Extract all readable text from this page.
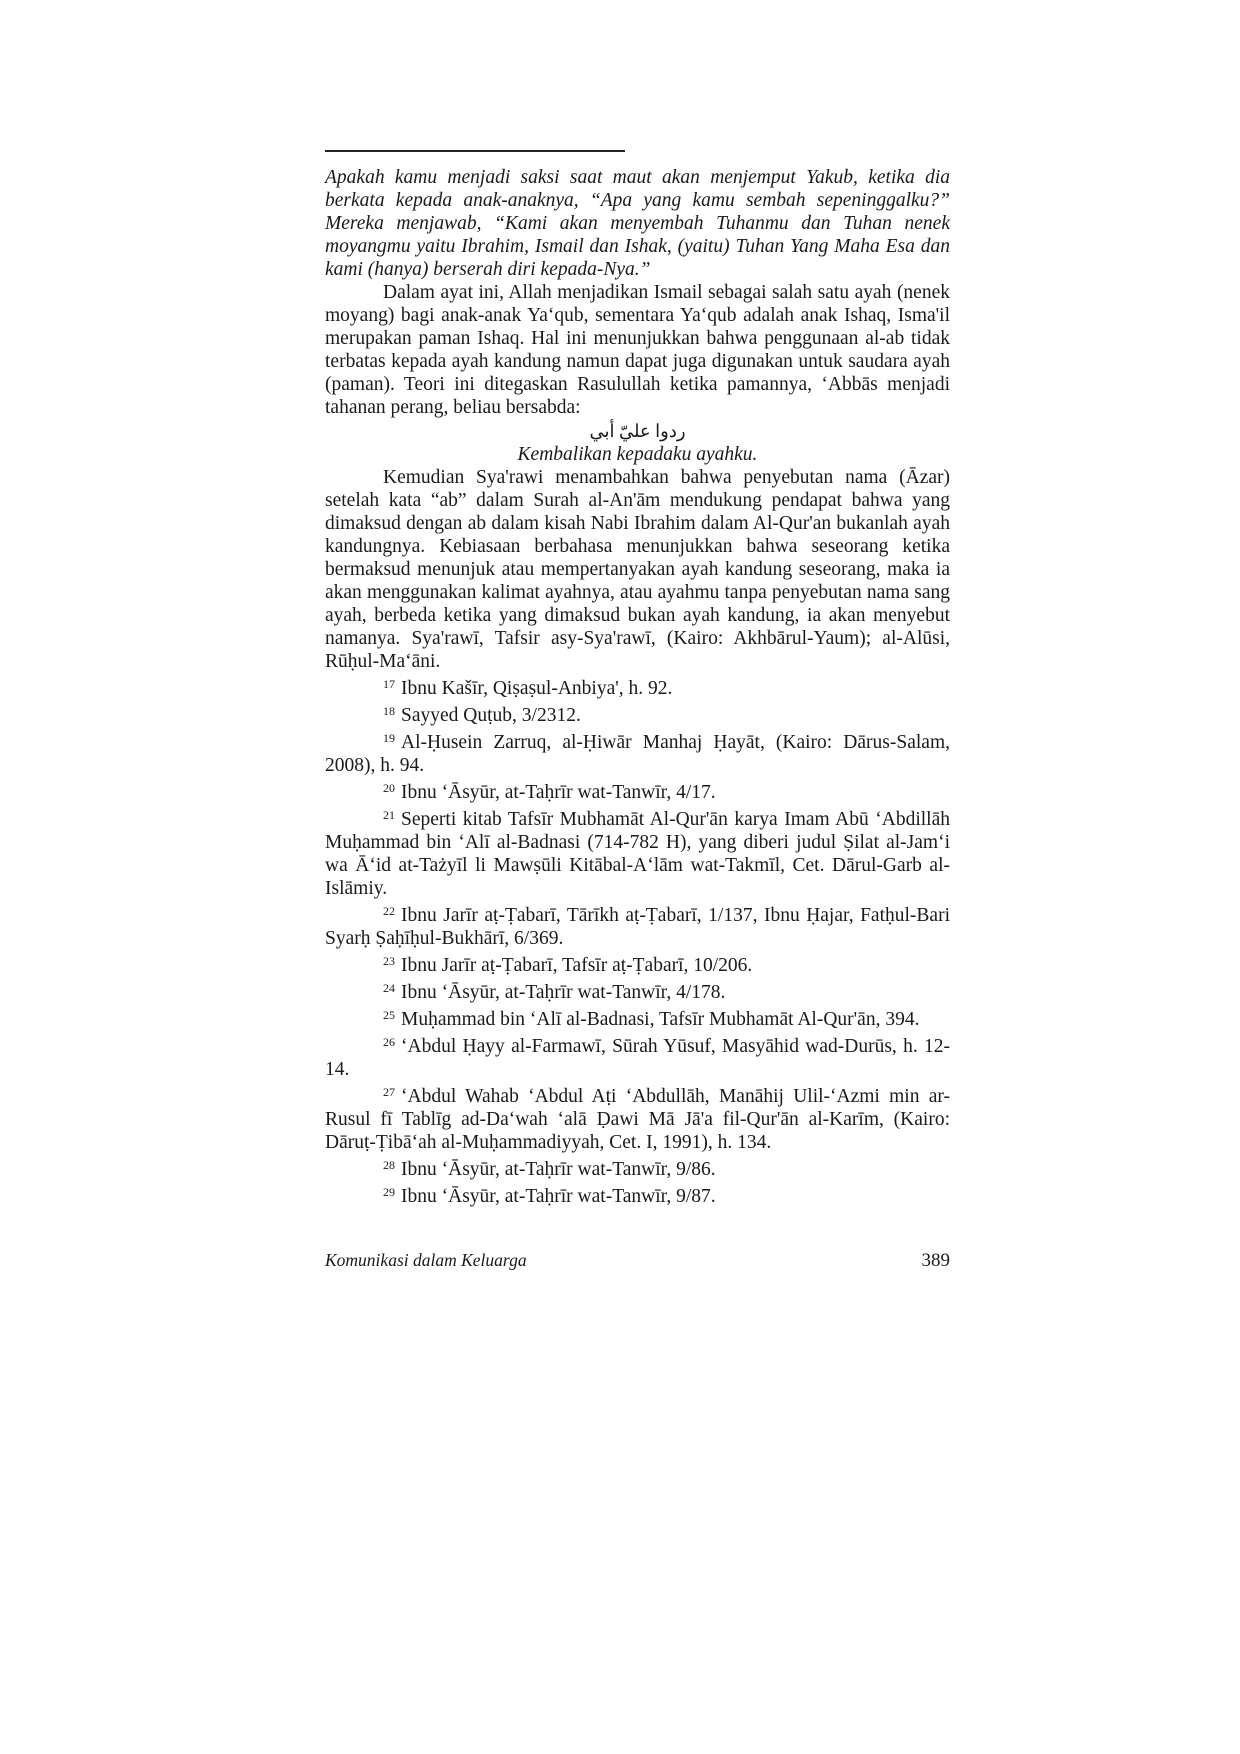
Apakah kamu menjadi saksi saat maut akan menjemput Yakub, ketika dia berkata kepada anak-anaknya, “Apa yang kamu sembah sepeninggalku?” Mereka menjawab, “Kami akan menyembah Tuhanmu dan Tuhan nenek moyangmu yaitu Ibrahim, Ismail dan Ishak, (yaitu) Tuhan Yang Maha Esa dan kami (hanya) berserah diri kepada-Nya.”

Dalam ayat ini, Allah menjadikan Ismail sebagai salah satu ayah (nenek moyang) bagi anak-anak Ya‘qub, sementara Ya‘qub adalah anak Ishaq, Isma'il merupakan paman Ishaq. Hal ini menunjukkan bahwa penggunaan al-ab tidak terbatas kepada ayah kandung namun dapat juga digunakan untuk saudara ayah (paman). Teori ini ditegaskan Rasulullah ketika pamannya, ‘Abbās menjadi tahanan perang, beliau bersabda:

ردوا عليّ أبي

Kembalikan kepadaku ayahku.

Kemudian Sya'rawi menambahkan bahwa penyebutan nama (Āzar) setelah kata “ab” dalam Surah al-An'ām mendukung pendapat bahwa yang dimaksud dengan ab dalam kisah Nabi Ibrahim dalam Al-Qur'an bukanlah ayah kandungnya. Kebiasaan berbahasa menunjukkan bahwa seseorang ketika bermaksud menunjuk atau mempertanyakan ayah kandung seseorang, maka ia akan menggunakan kalimat ayahnya, atau ayahmu tanpa penyebutan nama sang ayah, berbeda ketika yang dimaksud bukan ayah kandung, ia akan menyebut namanya. Sya'rawī, Tafsir asy-Sya'rawī, (Kairo: Akhbārul-Yaum); al-Alūsi, Rūḥul-Ma‘āni.

$^{17}$ Ibnu Kašīr, Qiṣaṣul-Anbiya', h. 92.

$^{18}$ Sayyed Quṭub, 3/2312.

$^{19}$ Al-Ḥusein Zarruq, al-Ḥiwār Manhaj Ḥayāt, (Kairo: Dārus-Salam, 2008), h. 94.

$^{20}$ Ibnu ‘Āsyūr, at-Taḥrīr wat-Tanwīr, 4/17.

$^{21}$ Seperti kitab Tafsīr Mubhamāt Al-Qur'ān karya Imam Abū ‘Abdillāh Muḥammad bin ‘Alī al-Badnasi (714-782 H), yang diberi judul Ṣilat al-Jam‘i wa Ā‘id at-Tażyīl li Mawṣūli Kitābal-A‘lām wat-Takmīl, Cet. Dārul-Garb al-Islāmiy.

$^{22}$ Ibnu Jarīr aṭ-Ṭabarī, Tārīkh aṭ-Ṭabarī, 1/137, Ibnu Ḥajar, Fatḥul-Bari Syarḥ Ṣaḥīḥul-Bukhārī, 6/369.

$^{23}$ Ibnu Jarīr aṭ-Ṭabarī, Tafsīr aṭ-Ṭabarī, 10/206.

$^{24}$ Ibnu ‘Āsyūr, at-Taḥrīr wat-Tanwīr, 4/178.

$^{25}$ Muḥammad bin ‘Alī al-Badnasi, Tafsīr Mubhamāt Al-Qur'ān, 394.

$^{26}$ ‘Abdul Ḥayy al-Farmawī, Sūrah Yūsuf, Masyāhid wad-Durūs, h. 12-14.

$^{27}$ ‘Abdul Wahab ‘Abdul Aṭi ‘Abdullāh, Manāhij Ulil-‘Azmi min ar-Rusul fī Tablīg ad-Da‘wah ‘alā Ḍawi Mā Jā'a fil-Qur'ān al-Karīm, (Kairo: Dāruṭ-Ṭibā‘ah al-Muḥammadiyyah, Cet. I, 1991), h. 134.

$^{28}$ Ibnu ‘Āsyūr, at-Taḥrīr wat-Tanwīr, 9/86.

$^{29}$ Ibnu ‘Āsyūr, at-Taḥrīr wat-Tanwīr, 9/87.

Komunikasi dalam Keluarga	389
